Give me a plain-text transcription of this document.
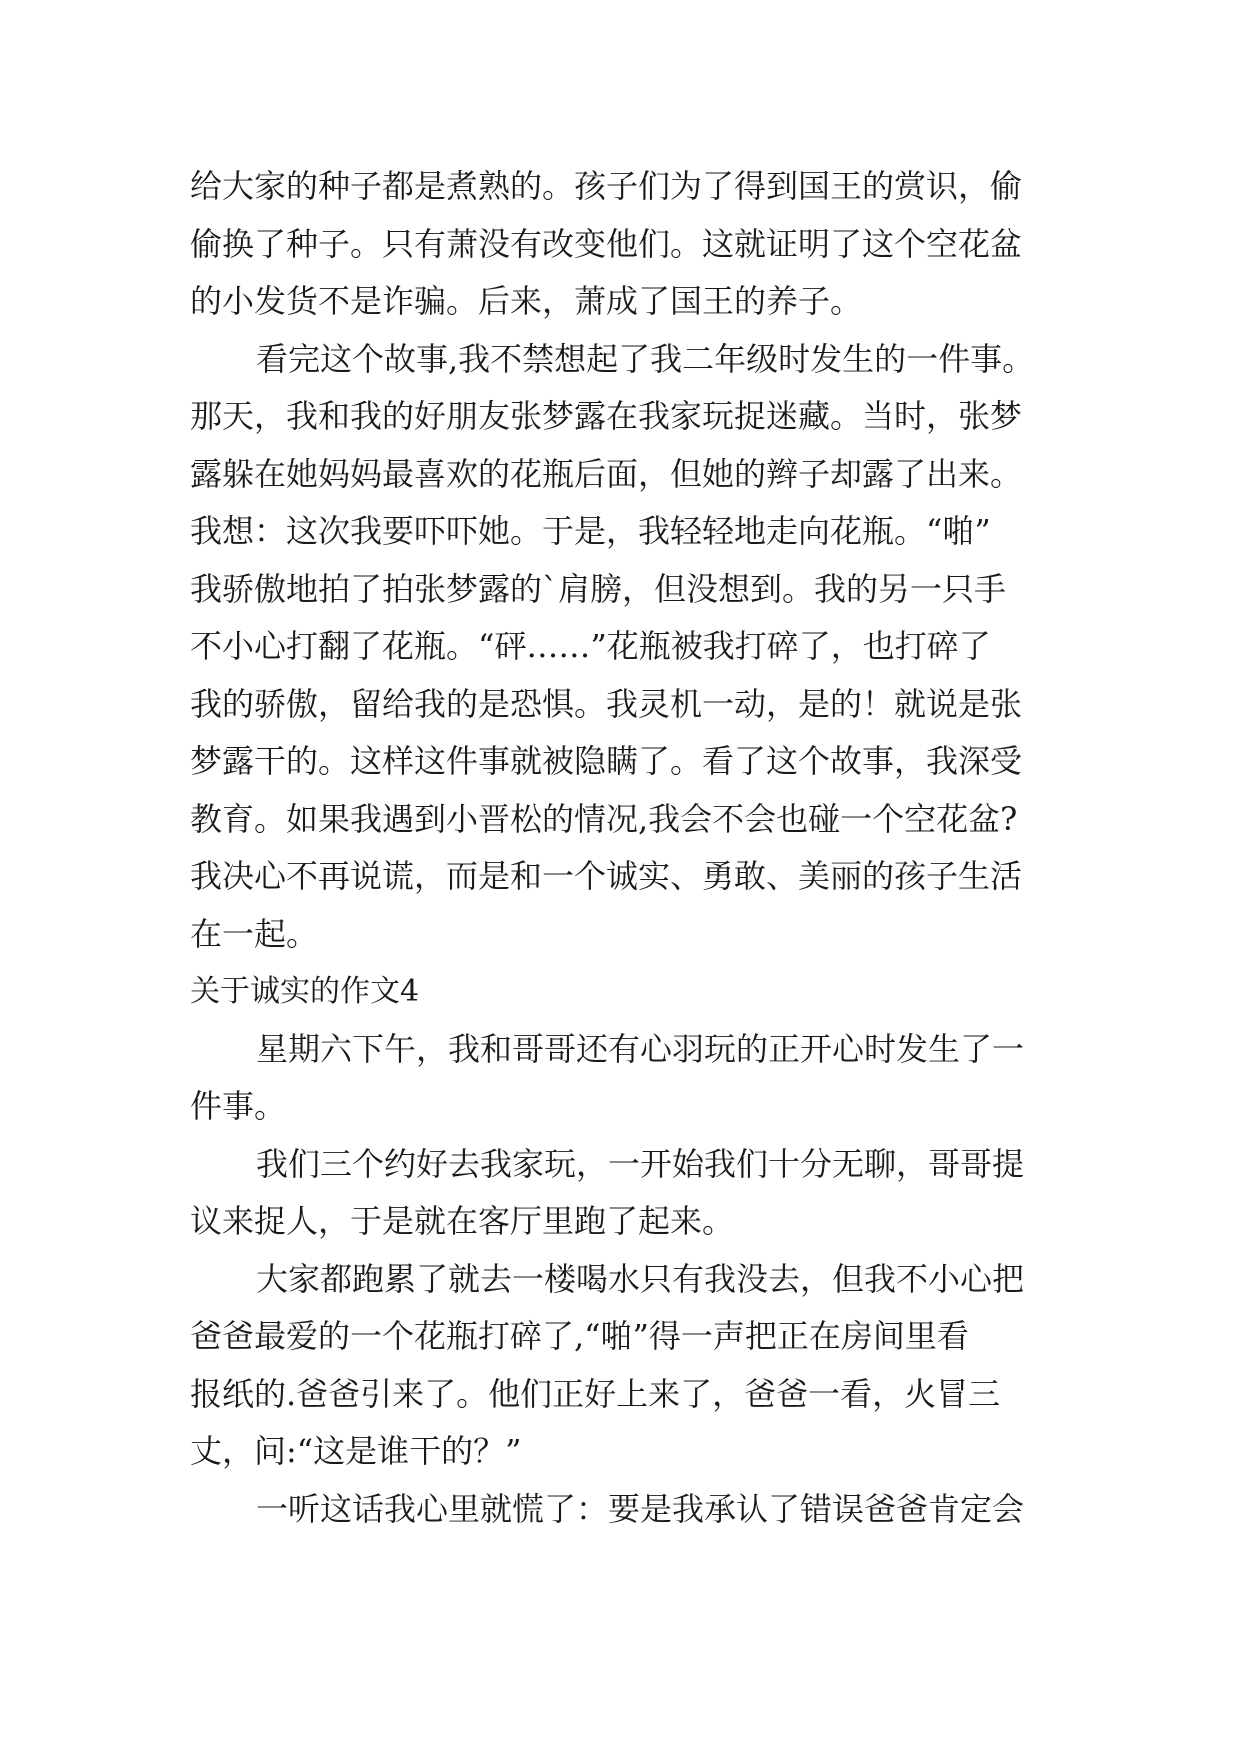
给大家的种子都是煮熟的。孩子们为了得到国王的赏识，偷
偷换了种子。只有萧没有改变他们。这就证明了这个空花盆
的小发货不是诈骗。后来，萧成了国王的养子。
看完这个故事,我不禁想起了我二年级时发生的一件事。
那天，我和我的好朋友张梦露在我家玩捉迷藏。当时，张梦
露躲在她妈妈最喜欢的花瓶后面，但她的辫子却露了出来。
我想：这次我要吓吓她。于是，我轻轻地走向花瓶。“啪”
我骄傲地拍了拍张梦露的`肩膀，但没想到。我的另一只手
不小心打翻了花瓶。“砰……”花瓶被我打碎了，也打碎了
我的骄傲，留给我的是恐惧。我灵机一动，是的！就说是张
梦露干的。这样这件事就被隐瞒了。看了这个故事，我深受
教育。如果我遇到小晋松的情况,我会不会也碰一个空花盆?
我决心不再说谎，而是和一个诚实、勇敢、美丽的孩子生活
在一起。
关于诚实的作文4
星期六下午，我和哥哥还有心羽玩的正开心时发生了一
件事。
我们三个约好去我家玩，一开始我们十分无聊，哥哥提
议来捉人，于是就在客厅里跑了起来。
大家都跑累了就去一楼喝水只有我没去，但我不小心把
爸爸最爱的一个花瓶打碎了,“啪”得一声把正在房间里看
报纸的.爸爸引来了。他们正好上来了，爸爸一看，火冒三
丈，问:“这是谁干的？”
一听这话我心里就慌了：要是我承认了错误爸爸肯定会
